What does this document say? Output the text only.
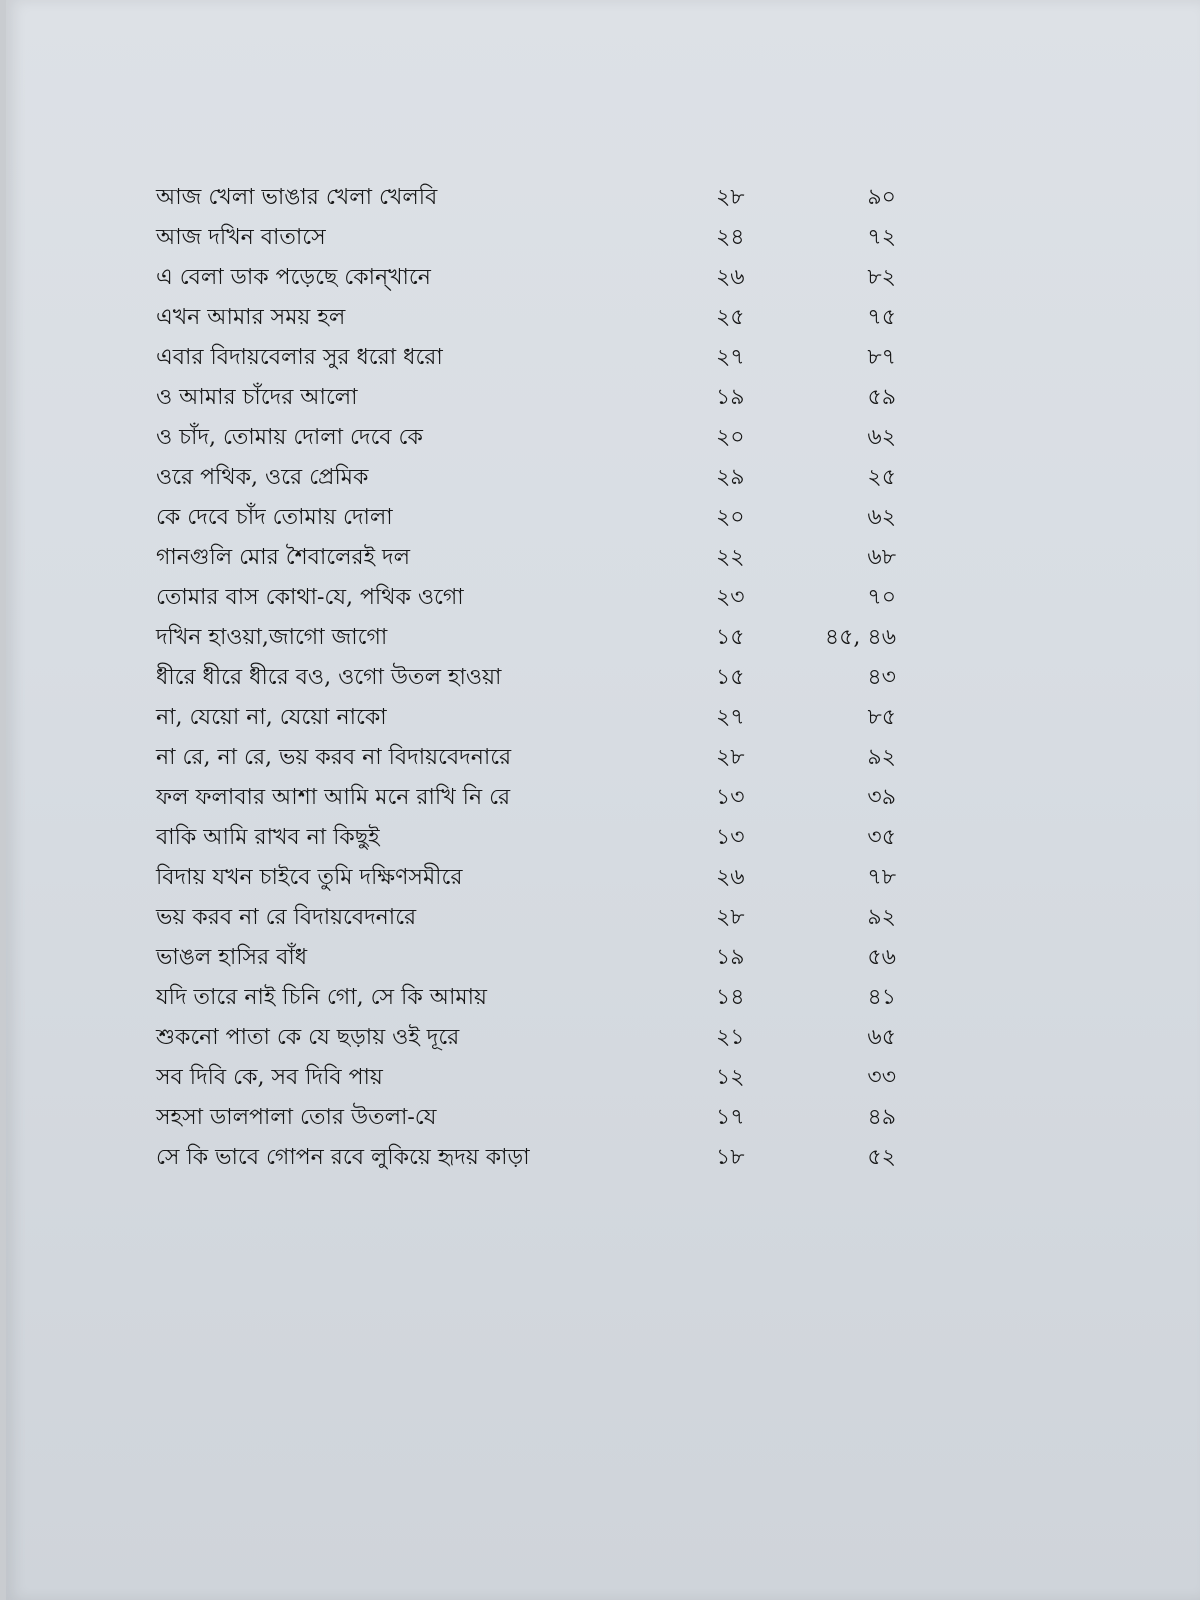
আজ খেলা ভাঙার খেলা খেলবি	২৮	৯০
আজ দখিন বাতাসে	২৪	৭২
এ বেলা ডাক পড়েছে কোন্‌খানে	২৬	৮২
এখন আমার সময় হল	২৫	৭৫
এবার বিদায়বেলার সুর ধরো ধরো	২৭	৮৭
ও আমার চাঁদের আলো	১৯	৫৯
ও চাঁদ, তোমায় দোলা দেবে কে	২০	৬২
ওরে পথিক, ওরে প্রেমিক	২৯	২৫
কে দেবে চাঁদ তোমায় দোলা	২০	৬২
গানগুলি মোর শৈবালেরই দল	২২	৬৮
তোমার বাস কোথা-যে, পথিক ওগো	২৩	৭০
দখিন হাওয়া,জাগো জাগো	১৫	৪৫, ৪৬
ধীরে ধীরে ধীরে বও, ওগো উতল হাওয়া	১৫	৪৩
না, যেয়ো না, যেয়ো নাকো	২৭	৮৫
না রে, না রে, ভয় করব না বিদায়বেদনারে	২৮	৯২
ফল ফলাবার আশা আমি মনে রাখি নি রে	১৩	৩৯
বাকি আমি রাখব না কিছুই	১৩	৩৫
বিদায় যখন চাইবে তুমি দক্ষিণসমীরে	২৬	৭৮
ভয় করব না রে বিদায়বেদনারে	২৮	৯২
ভাঙল হাসির বাঁধ	১৯	৫৬
যদি তারে নাই চিনি গো, সে কি আমায়	১৪	৪১
শুকনো পাতা কে যে ছড়ায় ওই দূরে	২১	৬৫
সব দিবি কে, সব দিবি পায়	১২	৩৩
সহসা ডালপালা তোর উতলা-যে	১৭	৪৯
সে কি ভাবে গোপন রবে লুকিয়ে হৃদয় কাড়া	১৮	৫২
